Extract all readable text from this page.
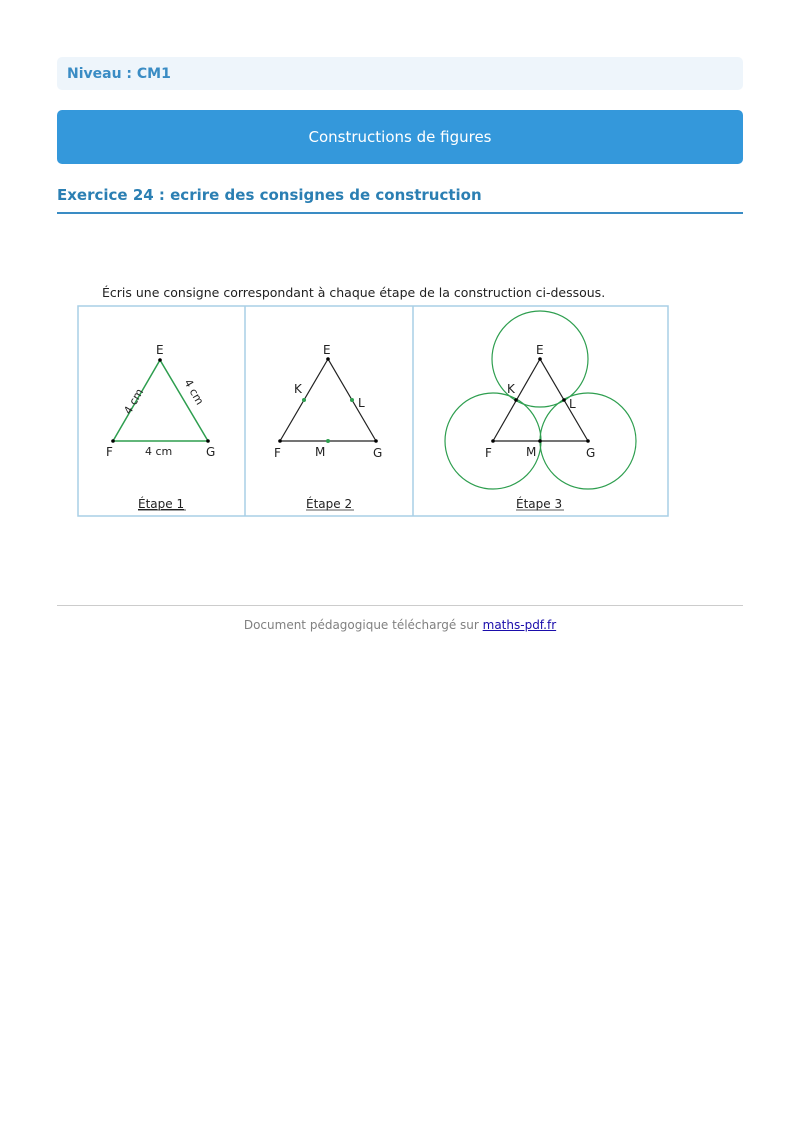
Niveau : CM1
Constructions de figures
Exercice 24 : ecrire des consignes de construction
Écris une consigne correspondant à chaque étape de la construction ci-dessous.
E
F	G
4 cm	4 cm
4 cm
Étape 1
E
F	G
K
L
M
Étape 2
E
F	G
K
L
M
Étape 3
Document pédagogique téléchargé sur maths-pdf.fr
